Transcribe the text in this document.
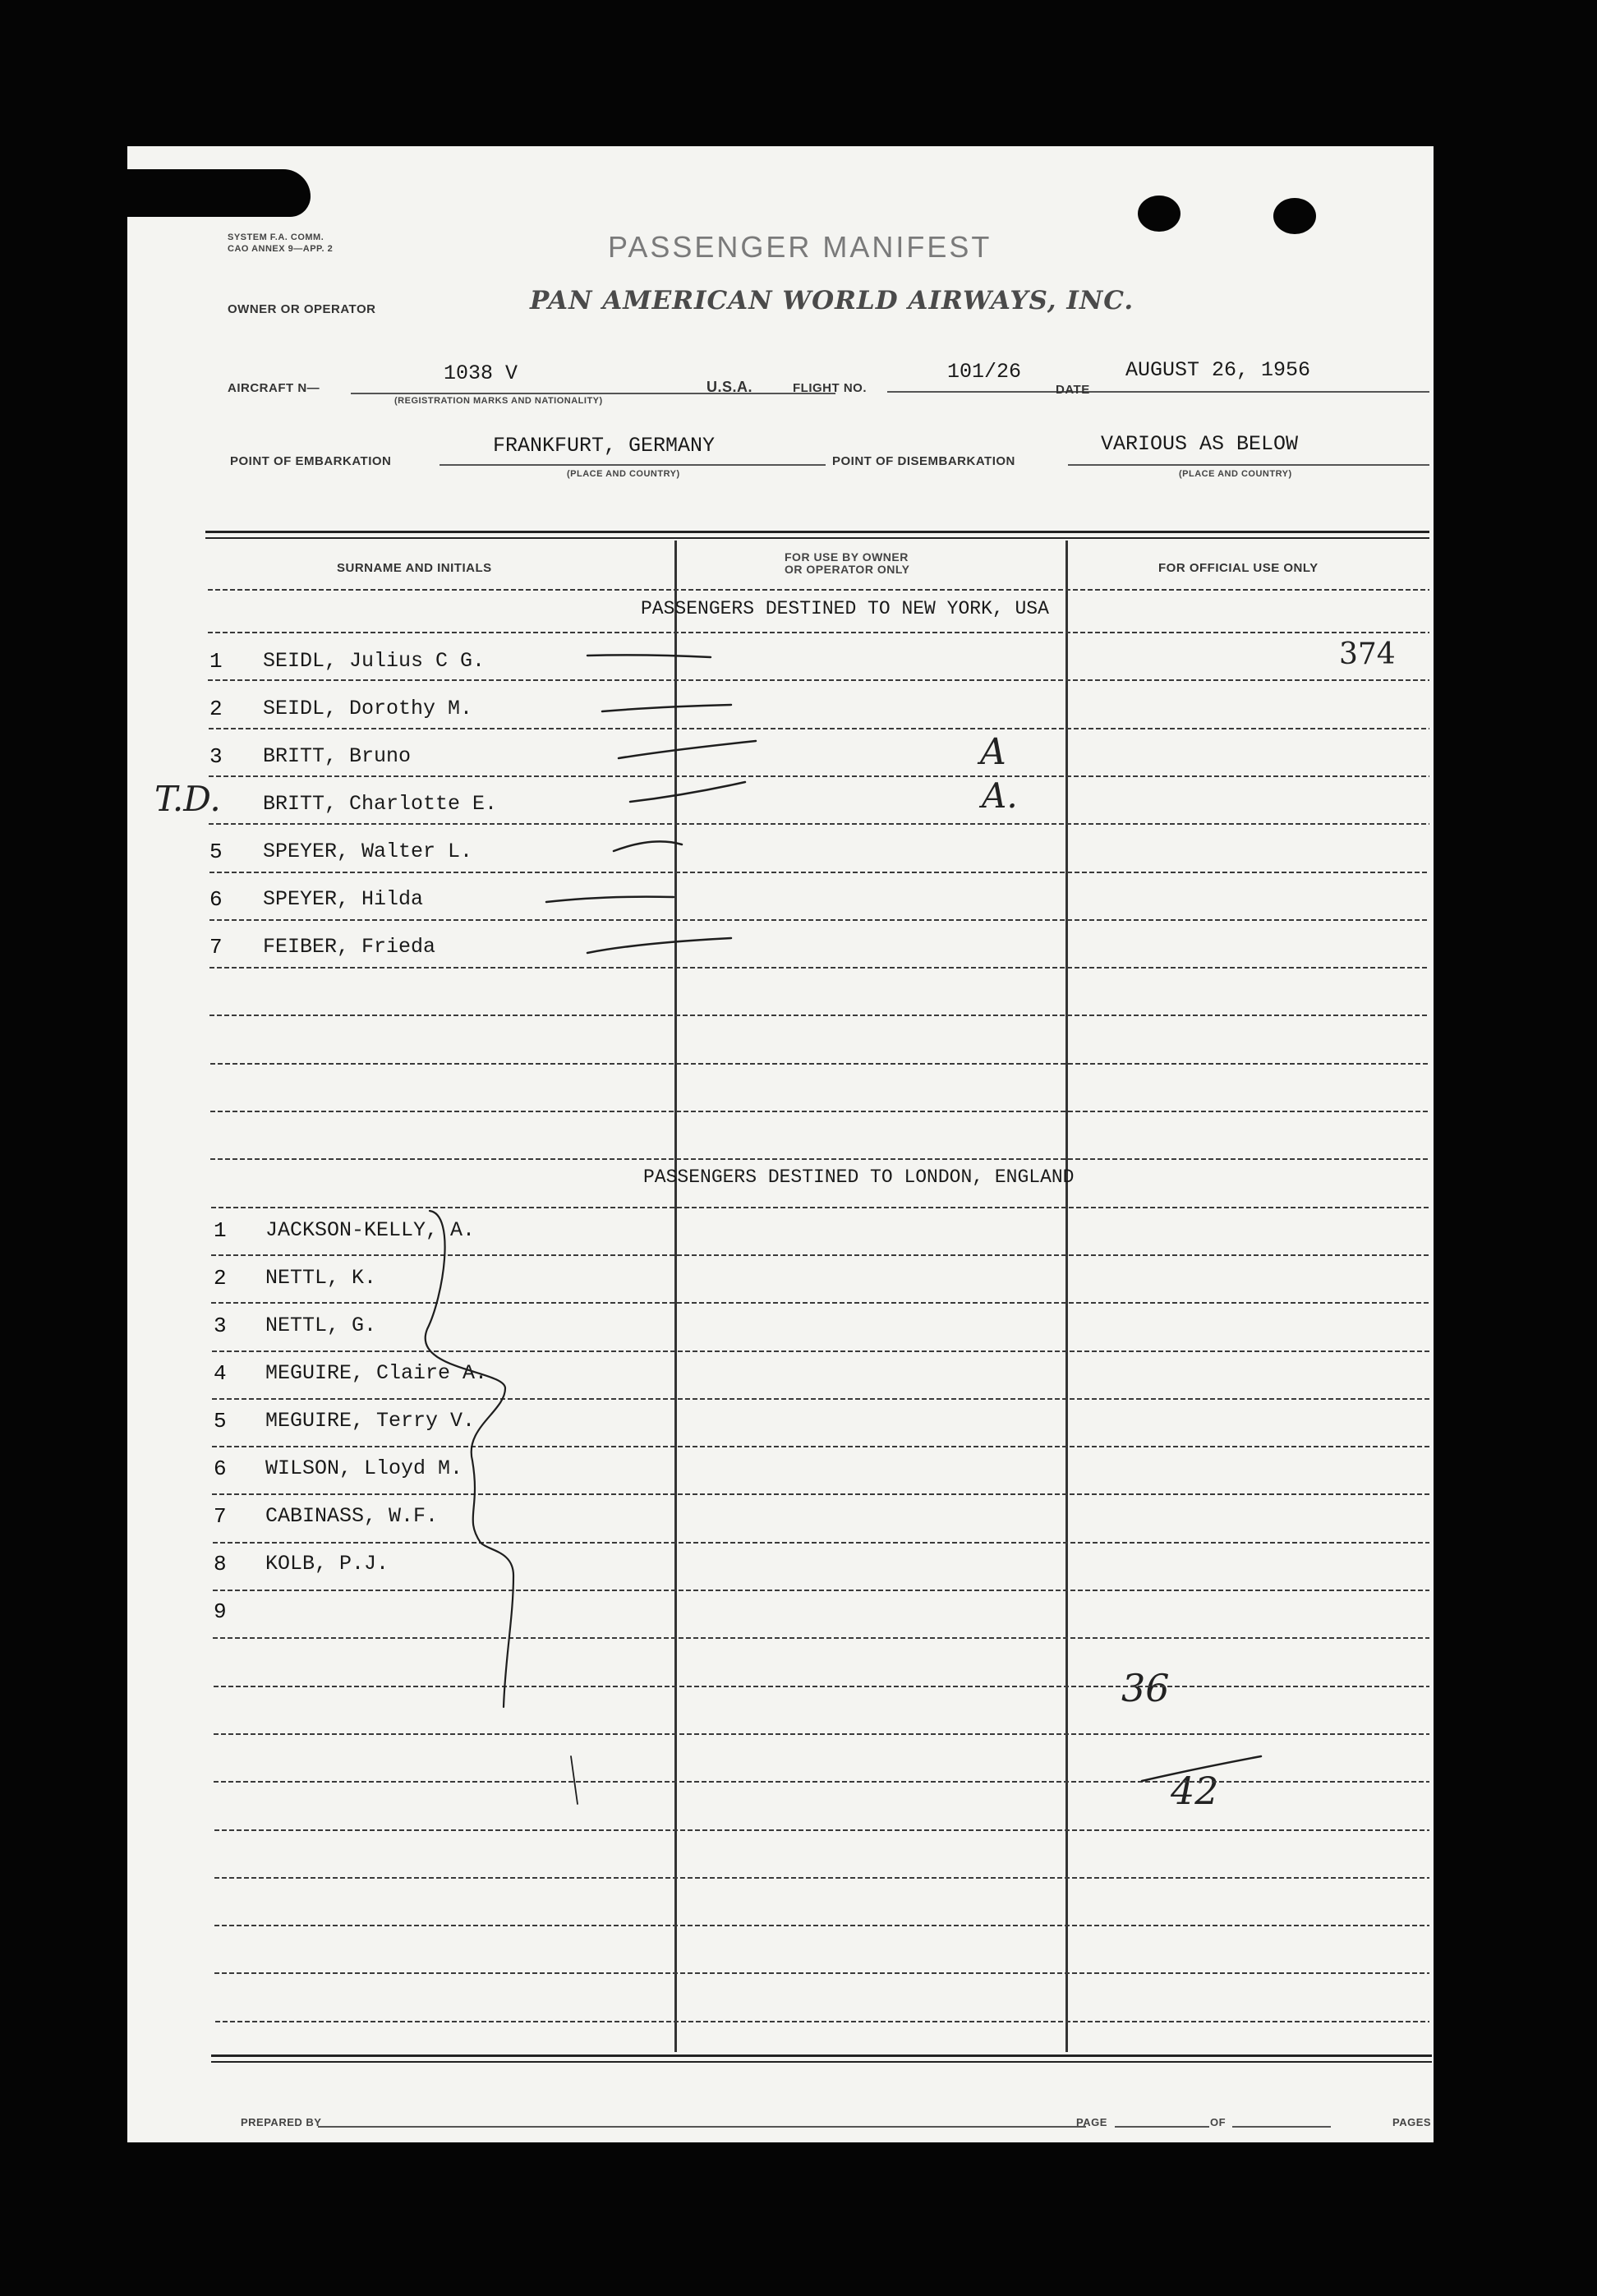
SYSTEM F.A. COMM.
CAO ANNEX 9—APP. 2	PASSENGER MANIFEST
OWNER OR OPERATOR	PAN AMERICAN WORLD AIRWAYS, INC.
AIRCRAFT N—
1038 V
(REGISTRATION MARKS AND NATIONALITY)
U.S.A.	FLIGHT NO.
101/26
DATE
AUGUST 26, 1956
POINT OF EMBARKATION
FRANKFURT, GERMANY
(PLACE AND COUNTRY)
POINT OF DISEMBARKATION
VARIOUS AS BELOW
(PLACE AND COUNTRY)
SURNAME AND INITIALS
FOR USE BY OWNER
OR OPERATOR ONLY	FOR OFFICIAL USE ONLY
PASSENGERS DESTINED TO NEW YORK, USA
PASSENGERS DESTINED TO LONDON, ENGLAND
1 SEIDL, Julius C G.
2 SEIDL, Dorothy M.
3 BRITT, Bruno
BRITT, Charlotte E.
5 SPEYER, Walter L.
6 SPEYER, Hilda
7 FEIBER, Frieda
1 JACKSON-KELLY, A.
2 NETTL, K.
3 NETTL, G.
4 MEGUIRE, Claire A.
5 MEGUIRE, Terry V.
6 WILSON, Lloyd M.
7 CABINASS, W.F.
8 KOLB, P.J.
9
374
A
A.
T.D.
36
42
PREPARED BY	PAGE	OF	PAGES
